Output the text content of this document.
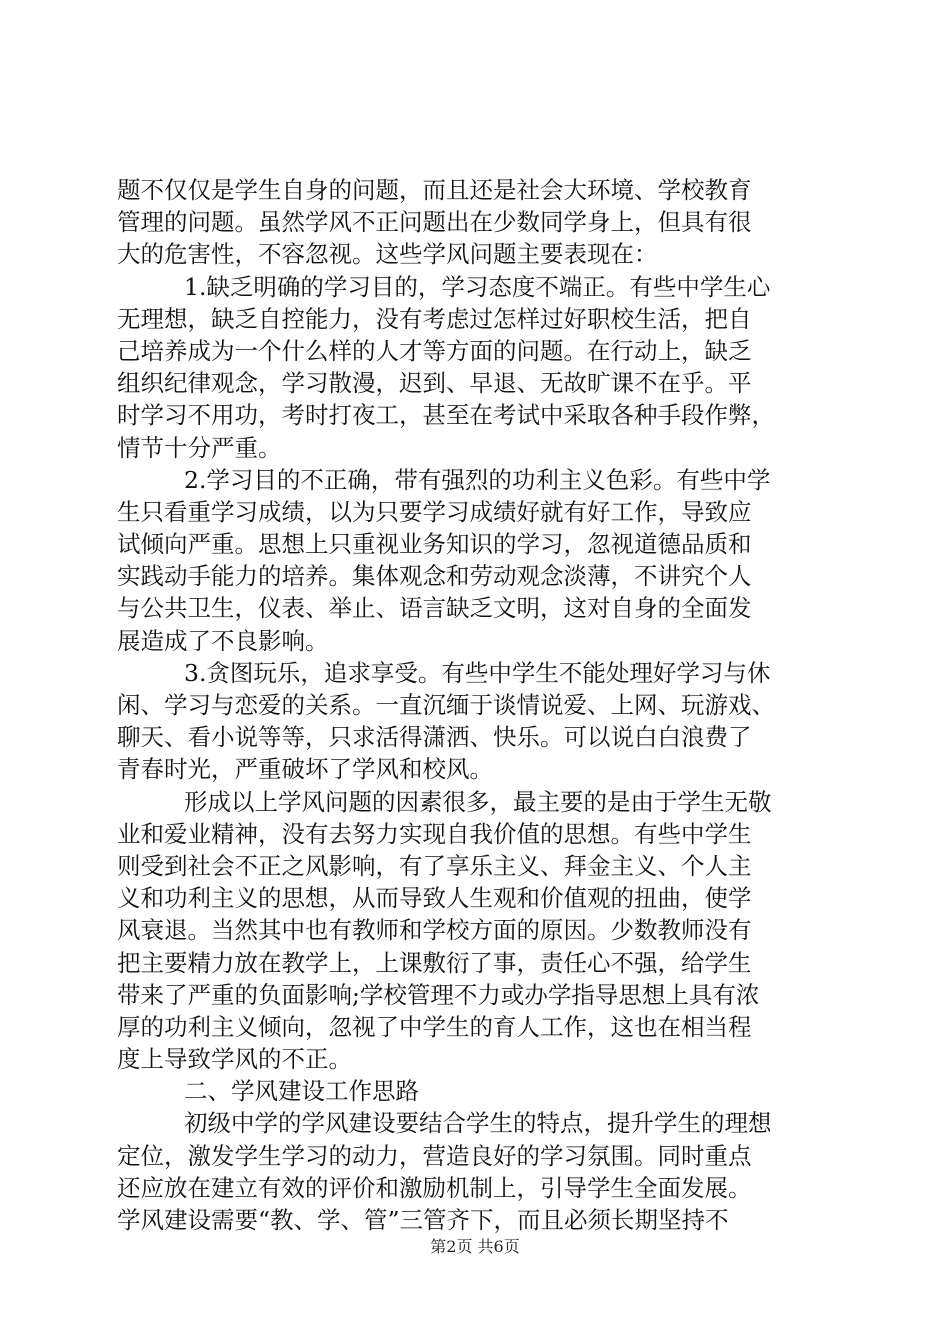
题不仅仅是学生自身的问题，而且还是社会大环境、学校教育
管理的问题。虽然学风不正问题出在少数同学身上，但具有很
大的危害性，不容忽视。这些学风问题主要表现在：
1.缺乏明确的学习目的，学习态度不端正。有些中学生心
无理想，缺乏自控能力，没有考虑过怎样过好职校生活，把自
己培养成为一个什么样的人才等方面的问题。在行动上，缺乏
组织纪律观念，学习散漫，迟到、早退、无故旷课不在乎。平
时学习不用功，考时打夜工，甚至在考试中采取各种手段作弊，
情节十分严重。
2.学习目的不正确，带有强烈的功利主义色彩。有些中学
生只看重学习成绩，以为只要学习成绩好就有好工作，导致应
试倾向严重。思想上只重视业务知识的学习，忽视道德品质和
实践动手能力的培养。集体观念和劳动观念淡薄，不讲究个人
与公共卫生，仪表、举止、语言缺乏文明，这对自身的全面发
展造成了不良影响。
3.贪图玩乐，追求享受。有些中学生不能处理好学习与休
闲、学习与恋爱的关系。一直沉缅于谈情说爱、上网、玩游戏、
聊天、看小说等等，只求活得潇洒、快乐。可以说白白浪费了
青春时光，严重破坏了学风和校风。
形成以上学风问题的因素很多，最主要的是由于学生无敬
业和爱业精神，没有去努力实现自我价值的思想。有些中学生
则受到社会不正之风影响，有了享乐主义、拜金主义、个人主
义和功利主义的思想，从而导致人生观和价值观的扭曲，使学
风衰退。当然其中也有教师和学校方面的原因。少数教师没有
把主要精力放在教学上，上课敷衍了事，责任心不强，给学生
带来了严重的负面影响;学校管理不力或办学指导思想上具有浓
厚的功利主义倾向，忽视了中学生的育人工作，这也在相当程
度上导致学风的不正。
二、学风建设工作思路
初级中学的学风建设要结合学生的特点，提升学生的理想
定位，激发学生学习的动力，营造良好的学习氛围。同时重点
还应放在建立有效的评价和激励机制上，引导学生全面发展。
学风建设需要“教、学、管”三管齐下，而且必须长期坚持不
第2页 共6页
